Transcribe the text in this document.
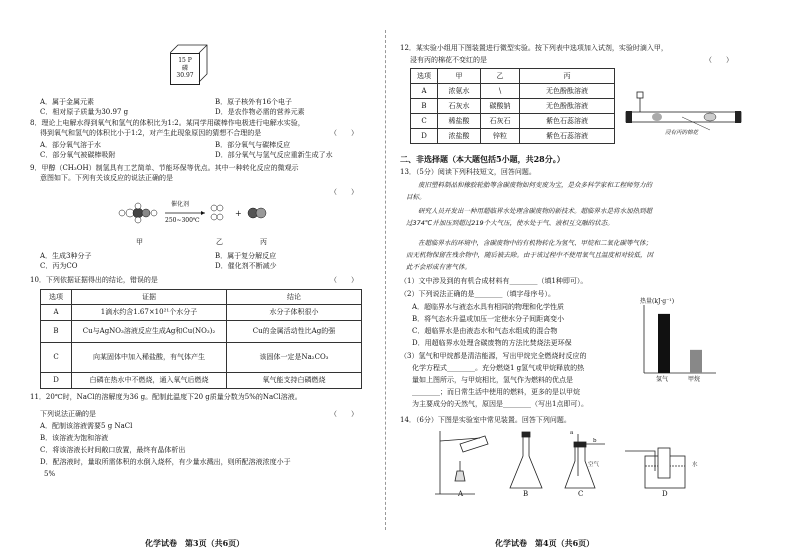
15 P
磷
30.97
A．属于金属元素	B．原子核外有16个电子
C．相对原子质量为30.97 g	D．是农作物必需的营养元素
8．理论上电解水得到氧气和氢气的体积比为1:2。某同学用碳棒作电极进行电解水实验，
得到氧气和氢气的体积比小于1:2，对产生此现象原因的猜想不合理的是	（　　）
A．部分氧气溶于水	B．部分氧气与碳棒反应
C．部分氧气被碳棒吸附	D．部分氧气与氢气反应重新生成了水
9．甲醇（CH₃OH）制氢具有工艺简单、节能环保等优点。其中一种转化反应的微观示
意图如下。下列有关该反应的说法正确的是
（　　）
+
催化剂
250~300℃
甲	乙	丙
A．生成3种分子	B．属于复分解反应
C．丙为CO	D．催化剂不断减少
10．下列依据证据得出的结论，错误的是	（　　）
选项	证据	结论
A	1滴水约含1.67×10²¹个水分子	水分子体积很小
B	Cu与AgNO₃溶液反应生成Ag和Cu(NO₃)₂	Cu的金属活动性比Ag的强
C	向某固体中加入稀盐酸，有气体产生	该固体一定是Na₂CO₃
D	白磷在热水中不燃烧，通入氧气后燃烧	氧气能支持白磷燃烧
11．20℃时，NaCl的溶解度为36 g。配制此温度下20 g质量分数为5%的NaCl溶液。
下列说法正确的是	（　　）
A．配制该溶液需要5 g NaCl
B．该溶液为饱和溶液
C．将该溶液长时间敞口放置，最终有晶体析出
D．配溶液时，量取所需体积的水倒入烧杯，有少量水溅出，则所配溶液浓度小于
5%
化学试卷　第3页（共6页）
12．某实验小组用下图装置进行微型实验。按下列表中选项加入试剂，实验时滴入甲，
浸有丙的棉花不变红的是	（　　）
选项	甲	乙	丙
A	浓氨水	\	无色酚酞溶液
B	石灰水	碳酸钠	无色酚酞溶液
C	稀盐酸	石灰石	紫色石蕊溶液
D	浓盐酸	锌粒	紫色石蕊溶液	浸有丙的棉花
二、非选择题（本大题包括5小题，共28分。）
13．（5分）阅读下列科技短文，回答问题。
废旧塑料制品和橡胶轮胎等含碳废物如何变废为宝，是众多科学家和工程师努力的
目标。
研究人员开发出一种用超临界水处理含碳废物的新技术。超临界水是将水加热到超
过374℃并加压到超过219个大气压，使水处于气、液相互交融的状态。
在超临界水的环境中，含碳废物中的有机物转化为氢气、甲烷和二氧化碳等气体；
而无机物保留在残余物中，随后被去除。由于该过程中不使用氧气且温度相对较低，因
此不会形成有害气体。
（1）文中涉及到的有机合成材料有________（填1种即可）。
（2）下列说法正确的是________（填字母序号）。
A．超临界水与液态水具有相同的物理和化学性质
B．将气态水升温或加压一定使水分子间距离变小
C．超临界水是由液态水和气态水组成的混合物
D．用超临界水处理含碳废物的方法比焚烧法更环保
（3）氢气和甲烷都是清洁能源，写出甲烷完全燃烧时反应的
化学方程式________。充分燃烧1 g氢气或甲烷释放的热
量如上图所示，与甲烷相比，氢气作为燃料的优点是
________；而日常生活中使用的燃料，更多的是以甲烷
为主要成分的天然气，原因是________（写出1点即可）。
热量(kJ·g⁻¹)
氢气	甲烷
14．（6分）下图是实验室中常见装置。回答下列问题。
A	B	C	D
a
b
空气	水
化学试卷　第4页（共6页）
